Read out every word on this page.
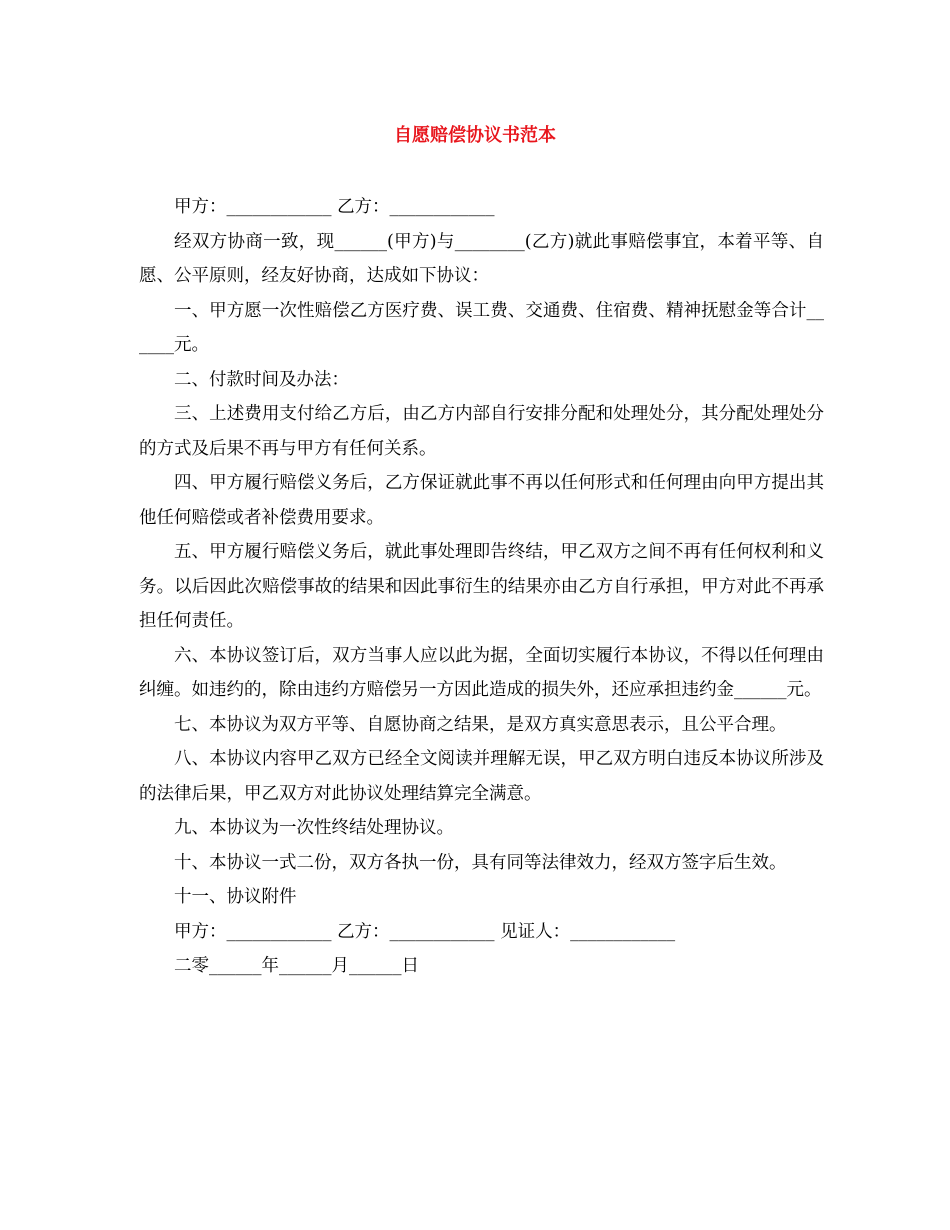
自愿赔偿协议书范本

甲方：____________ 乙方：____________

经双方协商一致，现______(甲方)与________(乙方)就此事赔偿事宜，本着平等、自愿、公平原则，经友好协商，达成如下协议：

一、甲方愿一次性赔偿乙方医疗费、误工费、交通费、住宿费、精神抚慰金等合计______元。

二、付款时间及办法：

三、上述费用支付给乙方后，由乙方内部自行安排分配和处理处分，其分配处理处分的方式及后果不再与甲方有任何关系。

四、甲方履行赔偿义务后，乙方保证就此事不再以任何形式和任何理由向甲方提出其他任何赔偿或者补偿费用要求。

五、甲方履行赔偿义务后，就此事处理即告终结，甲乙双方之间不再有任何权利和义务。以后因此次赔偿事故的结果和因此事衍生的结果亦由乙方自行承担，甲方对此不再承担任何责任。

六、本协议签订后，双方当事人应以此为据，全面切实履行本协议，不得以任何理由纠缠。如违约的，除由违约方赔偿另一方因此造成的损失外，还应承担违约金______元。

七、本协议为双方平等、自愿协商之结果，是双方真实意思表示，且公平合理。

八、本协议内容甲乙双方已经全文阅读并理解无误，甲乙双方明白违反本协议所涉及的法律后果，甲乙双方对此协议处理结算完全满意。

九、本协议为一次性终结处理协议。

十、本协议一式二份，双方各执一份，具有同等法律效力，经双方签字后生效。

十一、协议附件

甲方：____________ 乙方：____________ 见证人：____________

二零______年______月______日
